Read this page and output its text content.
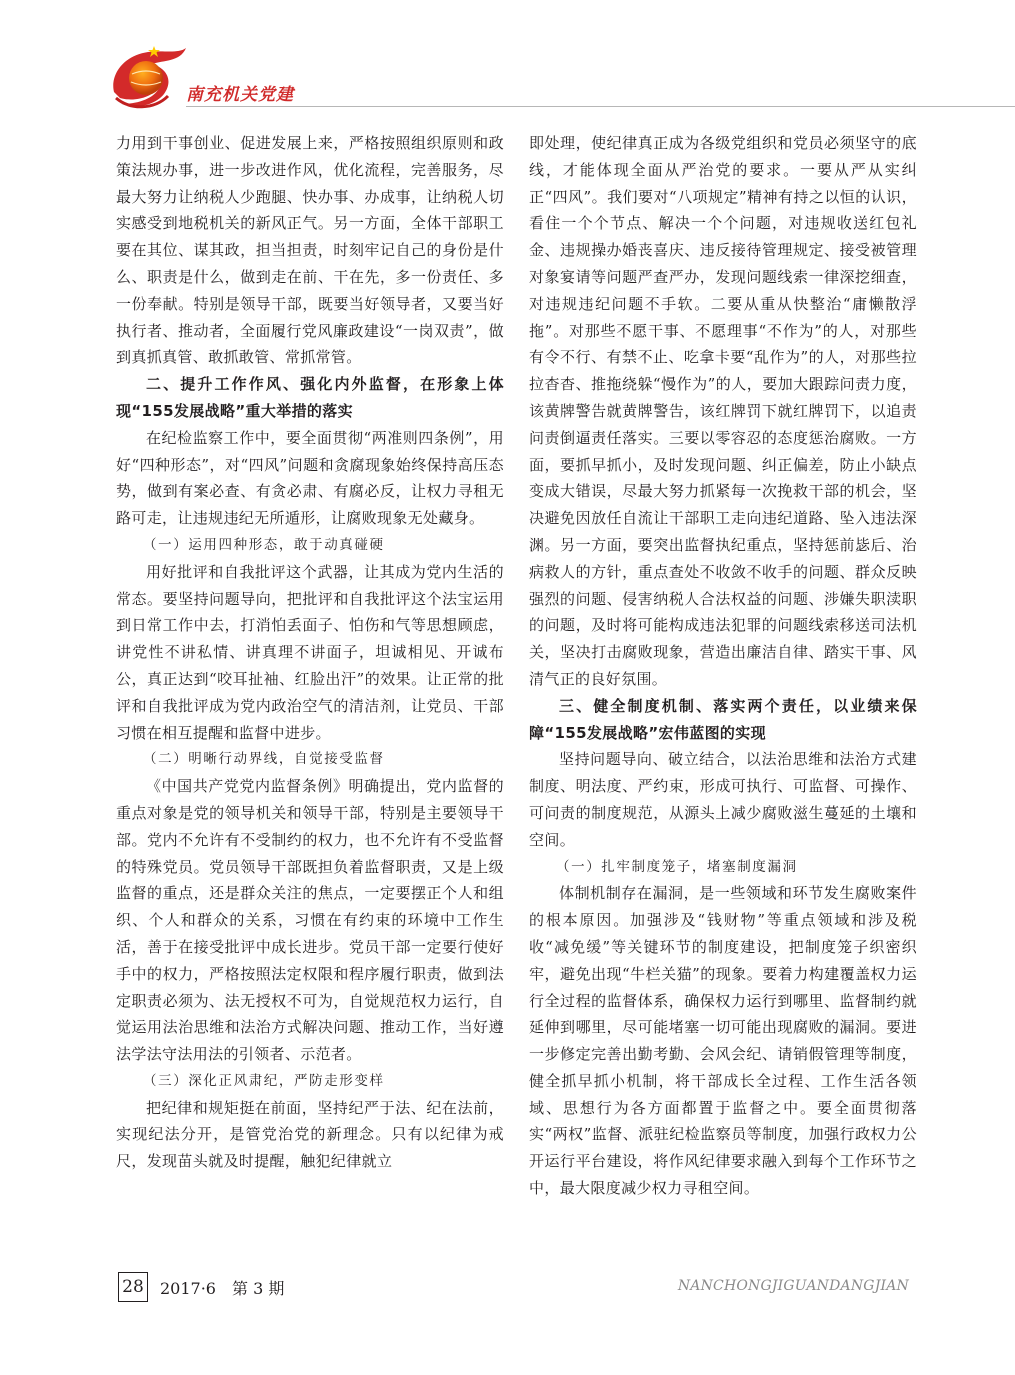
南充机关党建

力用到干事创业、促进发展上来，严格按照组织原则和政策法规办事，进一步改进作风，优化流程，完善服务，尽最大努力让纳税人少跑腿、快办事、办成事，让纳税人切实感受到地税机关的新风正气。另一方面，全体干部职工要在其位、谋其政，担当担责，时刻牢记自己的身份是什么、职责是什么，做到走在前、干在先，多一份责任、多一份奉献。特别是领导干部，既要当好领导者，又要当好执行者、推动者，全面履行党风廉政建设“一岗双责”，做到真抓真管、敢抓敢管、常抓常管。

二、提升工作作风、强化内外监督，在形象上体现“155发展战略”重大举措的落实

在纪检监察工作中，要全面贯彻“两准则四条例”，用好“四种形态”，对“四风”问题和贪腐现象始终保持高压态势，做到有案必查、有贪必肃、有腐必反，让权力寻租无路可走，让违规违纪无所遁形，让腐败现象无处藏身。

（一）运用四种形态，敢于动真碰硬

用好批评和自我批评这个武器，让其成为党内生活的常态。要坚持问题导向，把批评和自我批评这个法宝运用到日常工作中去，打消怕丢面子、怕伤和气等思想顾虑，讲党性不讲私情、讲真理不讲面子，坦诚相见、开诚布公，真正达到“咬耳扯袖、红脸出汗”的效果。让正常的批评和自我批评成为党内政治空气的清洁剂，让党员、干部习惯在相互提醒和监督中进步。

（二）明晰行动界线，自觉接受监督

《中国共产党党内监督条例》明确提出，党内监督的重点对象是党的领导机关和领导干部，特别是主要领导干部。党内不允许有不受制约的权力，也不允许有不受监督的特殊党员。党员领导干部既担负着监督职责，又是上级监督的重点，还是群众关注的焦点，一定要摆正个人和组织、个人和群众的关系，习惯在有约束的环境中工作生活，善于在接受批评中成长进步。党员干部一定要行使好手中的权力，严格按照法定权限和程序履行职责，做到法定职责必须为、法无授权不可为，自觉规范权力运行，自觉运用法治思维和法治方式解决问题、推动工作，当好遵法学法守法用法的引领者、示范者。

（三）深化正风肃纪，严防走形变样

把纪律和规矩挺在前面，坚持纪严于法、纪在法前，实现纪法分开，是管党治党的新理念。只有以纪律为戒尺，发现苗头就及时提醒，触犯纪律就立

即处理，使纪律真正成为各级党组织和党员必须坚守的底线，才能体现全面从严治党的要求。一要从严从实纠正“四风”。我们要对“八项规定”精神有持之以恒的认识，看住一个个节点、解决一个个问题，对违规收送红包礼金、违规操办婚丧喜庆、违反接待管理规定、接受被管理对象宴请等问题严查严办，发现问题线索一律深挖细查，对违规违纪问题不手软。二要从重从快整治“庸懒散浮拖”。对那些不愿干事、不愿理事“不作为”的人，对那些有令不行、有禁不止、吃拿卡要“乱作为”的人，对那些拉拉杳杳、推拖绕躲“慢作为”的人，要加大跟踪问责力度，该黄牌警告就黄牌警告，该红牌罚下就红牌罚下，以追责问责倒逼责任落实。三要以零容忍的态度惩治腐败。一方面，要抓早抓小，及时发现问题、纠正偏差，防止小缺点变成大错误，尽最大努力抓紧每一次挽救干部的机会，坚决避免因放任自流让干部职工走向违纪道路、坠入违法深渊。另一方面，要突出监督执纪重点，坚持惩前毖后、治病救人的方针，重点查处不收敛不收手的问题、群众反映强烈的问题、侵害纳税人合法权益的问题、涉嫌失职渎职的问题，及时将可能构成违法犯罪的问题线索移送司法机关，坚决打击腐败现象，营造出廉洁自律、踏实干事、风清气正的良好氛围。

三、健全制度机制、落实两个责任，以业绩来保障“155发展战略”宏伟蓝图的实现

坚持问题导向、破立结合，以法治思维和法治方式建制度、明法度、严约束，形成可执行、可监督、可操作、可问责的制度规范，从源头上减少腐败滋生蔓延的土壤和空间。

（一）扎牢制度笼子，堵塞制度漏洞

体制机制存在漏洞，是一些领域和环节发生腐败案件的根本原因。加强涉及“钱财物”等重点领域和涉及税收“减免缓”等关键环节的制度建设，把制度笼子织密织牢，避免出现“牛栏关猫”的现象。要着力构建覆盖权力运行全过程的监督体系，确保权力运行到哪里、监督制约就延伸到哪里，尽可能堵塞一切可能出现腐败的漏洞。要进一步修定完善出勤考勤、会风会纪、请销假管理等制度，健全抓早抓小机制，将干部成长全过程、工作生活各领域、思想行为各方面都置于监督之中。要全面贯彻落实“两权”监督、派驻纪检监察员等制度，加强行政权力公开运行平台建设，将作风纪律要求融入到每个工作环节之中，最大限度减少权力寻租空间。

28 2017·6　第 3 期	NANCHONGJIGUANDANGJIAN
